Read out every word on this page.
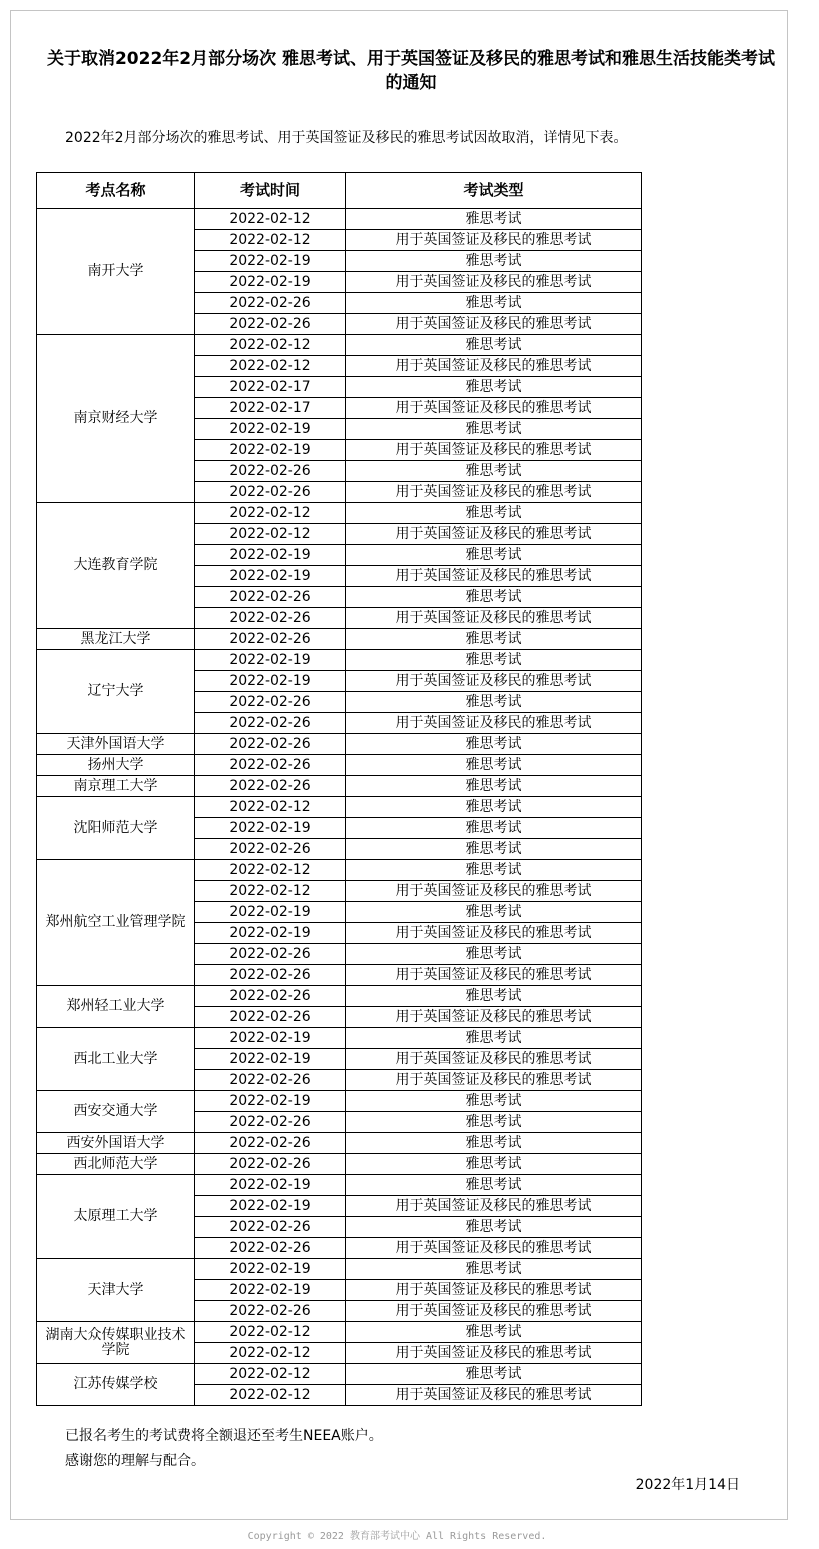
关于取消2022年2月部分场次 雅思考试、用于英国签证及移民的雅思考试和雅思生活技能类考试的通知

2022年2月部分场次的雅思考试、用于英国签证及移民的雅思考试因故取消，详情见下表。

考点名称	考试时间	考试类型
南开大学	2022-02-12	雅思考试
	2022-02-12	用于英国签证及移民的雅思考试
	2022-02-19	雅思考试
	2022-02-19	用于英国签证及移民的雅思考试
	2022-02-26	雅思考试
	2022-02-26	用于英国签证及移民的雅思考试
南京财经大学	2022-02-12	雅思考试
	2022-02-12	用于英国签证及移民的雅思考试
	2022-02-17	雅思考试
	2022-02-17	用于英国签证及移民的雅思考试
	2022-02-19	雅思考试
	2022-02-19	用于英国签证及移民的雅思考试
	2022-02-26	雅思考试
	2022-02-26	用于英国签证及移民的雅思考试
大连教育学院	2022-02-12	雅思考试
	2022-02-12	用于英国签证及移民的雅思考试
	2022-02-19	雅思考试
	2022-02-19	用于英国签证及移民的雅思考试
	2022-02-26	雅思考试
	2022-02-26	用于英国签证及移民的雅思考试
黑龙江大学	2022-02-26	雅思考试
辽宁大学	2022-02-19	雅思考试
	2022-02-19	用于英国签证及移民的雅思考试
	2022-02-26	雅思考试
	2022-02-26	用于英国签证及移民的雅思考试
天津外国语大学	2022-02-26	雅思考试
扬州大学	2022-02-26	雅思考试
南京理工大学	2022-02-26	雅思考试
沈阳师范大学	2022-02-12	雅思考试
	2022-02-19	雅思考试
	2022-02-26	雅思考试
郑州航空工业管理学院	2022-02-12	雅思考试
	2022-02-12	用于英国签证及移民的雅思考试
	2022-02-19	雅思考试
	2022-02-19	用于英国签证及移民的雅思考试
	2022-02-26	雅思考试
	2022-02-26	用于英国签证及移民的雅思考试
郑州轻工业大学	2022-02-26	雅思考试
	2022-02-26	用于英国签证及移民的雅思考试
西北工业大学	2022-02-19	雅思考试
	2022-02-19	用于英国签证及移民的雅思考试
	2022-02-26	用于英国签证及移民的雅思考试
西安交通大学	2022-02-19	雅思考试
	2022-02-26	雅思考试
西安外国语大学	2022-02-26	雅思考试
西北师范大学	2022-02-26	雅思考试
太原理工大学	2022-02-19	雅思考试
	2022-02-19	用于英国签证及移民的雅思考试
	2022-02-26	雅思考试
	2022-02-26	用于英国签证及移民的雅思考试
天津大学	2022-02-19	雅思考试
	2022-02-19	用于英国签证及移民的雅思考试
	2022-02-26	用于英国签证及移民的雅思考试
湖南大众传媒职业技术学院	2022-02-12	雅思考试
	2022-02-12	用于英国签证及移民的雅思考试
江苏传媒学校	2022-02-12	雅思考试
	2022-02-12	用于英国签证及移民的雅思考试

已报名考生的考试费将全额退还至考生NEEA账户。

感谢您的理解与配合。

2022年1月14日

Copyright © 2022 教育部考试中心 All Rights Reserved.
